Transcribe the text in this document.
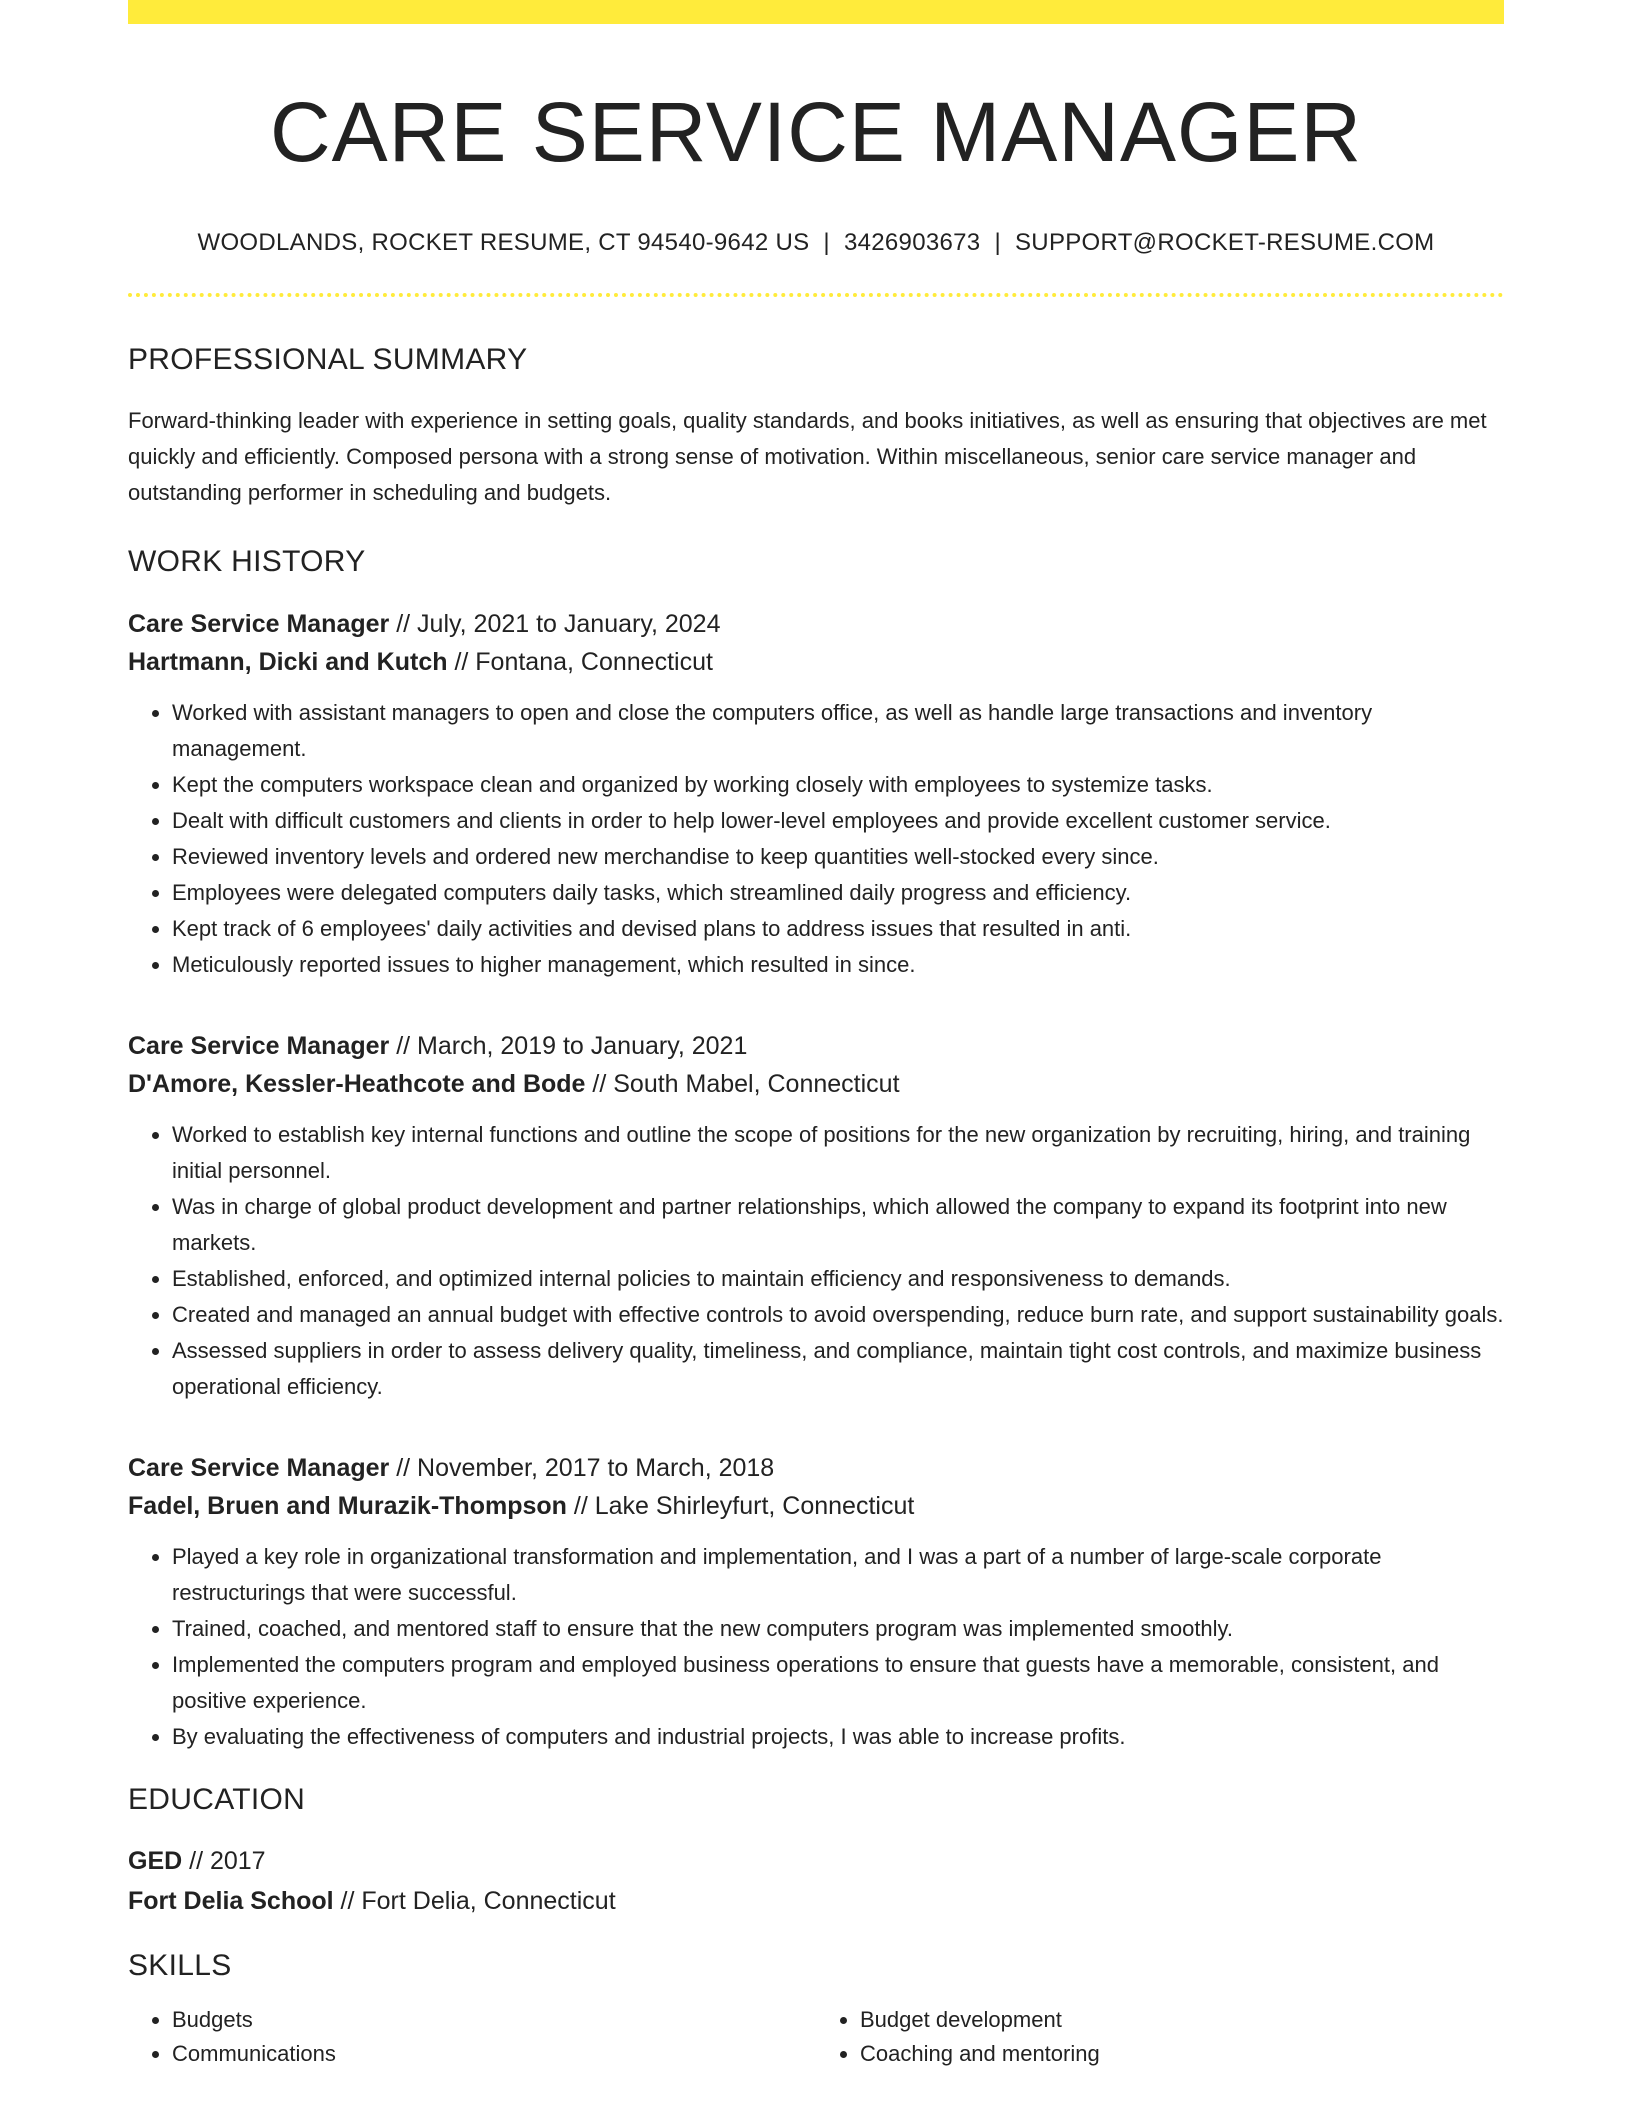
CARE SERVICE MANAGER
WOODLANDS, ROCKET RESUME, CT 94540-9642 US | 3426903673 | SUPPORT@ROCKET-RESUME.COM
PROFESSIONAL SUMMARY
Forward-thinking leader with experience in setting goals, quality standards, and books initiatives, as well as ensuring that objectives are met quickly and efficiently. Composed persona with a strong sense of motivation. Within miscellaneous, senior care service manager and outstanding performer in scheduling and budgets.
WORK HISTORY
Care Service Manager // July, 2021 to January, 2024
Hartmann, Dicki and Kutch // Fontana, Connecticut
• Worked with assistant managers to open and close the computers office, as well as handle large transactions and inventory management.
• Kept the computers workspace clean and organized by working closely with employees to systemize tasks.
• Dealt with difficult customers and clients in order to help lower-level employees and provide excellent customer service.
• Reviewed inventory levels and ordered new merchandise to keep quantities well-stocked every since.
• Employees were delegated computers daily tasks, which streamlined daily progress and efficiency.
• Kept track of 6 employees' daily activities and devised plans to address issues that resulted in anti.
• Meticulously reported issues to higher management, which resulted in since.
Care Service Manager // March, 2019 to January, 2021
D'Amore, Kessler-Heathcote and Bode // South Mabel, Connecticut
• Worked to establish key internal functions and outline the scope of positions for the new organization by recruiting, hiring, and training initial personnel.
• Was in charge of global product development and partner relationships, which allowed the company to expand its footprint into new markets.
• Established, enforced, and optimized internal policies to maintain efficiency and responsiveness to demands.
• Created and managed an annual budget with effective controls to avoid overspending, reduce burn rate, and support sustainability goals.
• Assessed suppliers in order to assess delivery quality, timeliness, and compliance, maintain tight cost controls, and maximize business operational efficiency.
Care Service Manager // November, 2017 to March, 2018
Fadel, Bruen and Murazik-Thompson // Lake Shirleyfurt, Connecticut
• Played a key role in organizational transformation and implementation, and I was a part of a number of large-scale corporate restructurings that were successful.
• Trained, coached, and mentored staff to ensure that the new computers program was implemented smoothly.
• Implemented the computers program and employed business operations to ensure that guests have a memorable, consistent, and positive experience.
• By evaluating the effectiveness of computers and industrial projects, I was able to increase profits.
EDUCATION
GED // 2017
Fort Delia School // Fort Delia, Connecticut
SKILLS
• Budgets
• Communications
• Budget development
• Coaching and mentoring
